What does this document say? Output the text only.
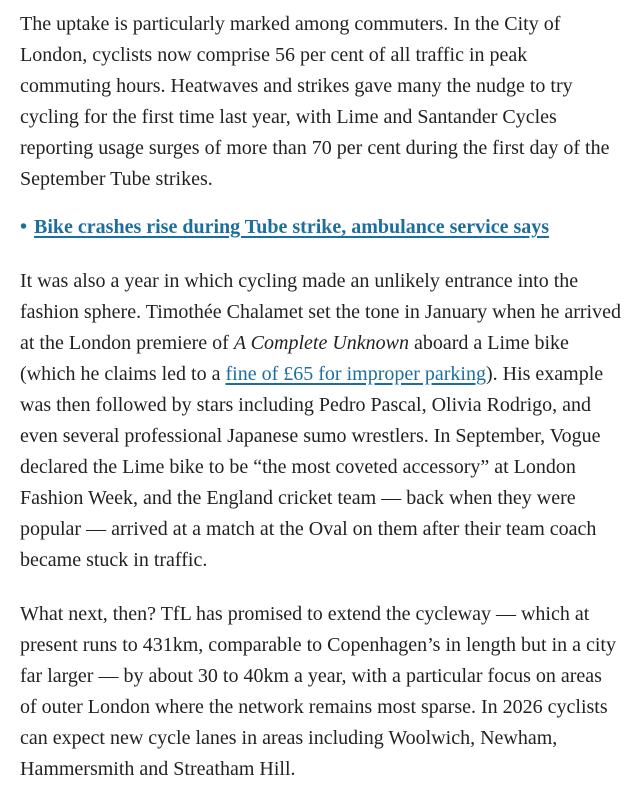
The uptake is particularly marked among commuters. In the City of London, cyclists now comprise 56 per cent of all traffic in peak commuting hours. Heatwaves and strikes gave many the nudge to try cycling for the first time last year, with Lime and Santander Cycles reporting usage surges of more than 70 per cent during the first day of the September Tube strikes.

• Bike crashes rise during Tube strike, ambulance service says

It was also a year in which cycling made an unlikely entrance into the fashion sphere. Timothée Chalamet set the tone in January when he arrived at the London premiere of A Complete Unknown aboard a Lime bike (which he claims led to a fine of £65 for improper parking). His example was then followed by stars including Pedro Pascal, Olivia Rodrigo, and even several professional Japanese sumo wrestlers. In September, Vogue declared the Lime bike to be “the most coveted accessory” at London Fashion Week, and the England cricket team — back when they were popular — arrived at a match at the Oval on them after their team coach became stuck in traffic.

What next, then? TfL has promised to extend the cycleway — which at present runs to 431km, comparable to Copenhagen’s in length but in a city far larger — by about 30 to 40km a year, with a particular focus on areas of outer London where the network remains most sparse. In 2026 cyclists can expect new cycle lanes in areas including Woolwich, Newham, Hammersmith and Streatham Hill.
